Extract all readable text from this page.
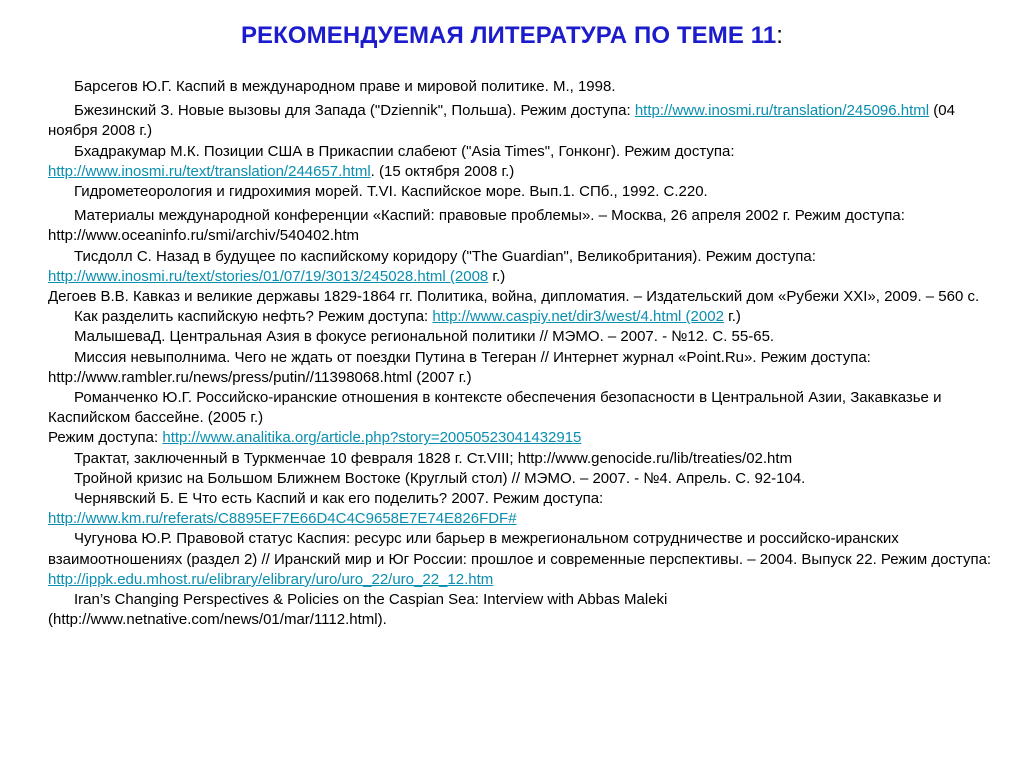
РЕКОМЕНДУЕМАЯ ЛИТЕРАТУРА ПО ТЕМЕ 11:

Барсегов Ю.Г. Каспий в международном праве и мировой политике. М., 1998.

Бжезинский З. Новые вызовы для Запада ("Dziennik", Польша). Режим доступа: http://www.inosmi.ru/translation/245096.html (04 ноября 2008 г.)

Бхадракумар М.К. Позиции США в Прикаспии слабеют ("Asia Times", Гонконг). Режим доступа: http://www.inosmi.ru/text/translation/244657.html. (15 октября 2008 г.)

Гидрометеорология и гидрохимия морей. Т.VI. Каспийское море. Вып.1. СПб., 1992. С.220.

Материалы международной конференции «Каспий: правовые проблемы». – Москва, 26 апреля 2002 г. Режим доступа: http://www.oceaninfo.ru/smi/archiv/540402.htm

Тисдолл С. Назад в будущее по каспийскому коридору ("The Guardian", Великобритания). Режим доступа: http://www.inosmi.ru/text/stories/01/07/19/3013/245028.html (2008 г.)

Дегоев В.В. Кавказ и великие державы 1829-1864 гг. Политика, война, дипломатия. – Издательский дом «Рубежи XXI», 2009. – 560 с.

Как разделить каспийскую нефть? Режим доступа: http://www.caspiy.net/dir3/west/4.html (2002 г.)

МалышеваД. Центральная Азия в фокусе региональной политики // МЭМО. – 2007. - №12. С. 55-65.

Миссия невыполнима. Чего не ждать от поездки Путина в Тегеран // Интернет журнал «Point.Ru». Режим доступа: http://www.rambler.ru/news/press/putin//11398068.html (2007 г.)

Романченко Ю.Г. Российско-иранские отношения в контексте обеспечения безопасности в Центральной Азии, Закавказье и Каспийском бассейне. (2005 г.)

Режим доступа: http://www.analitika.org/article.php?story=20050523041432915

Трактат, заключенный в Туркменчае 10 февраля 1828 г. Ст.VIII; http://www.genocide.ru/lib/treaties/02.htm

Тройной кризис на Большом Ближнем Востоке (Круглый стол) // МЭМО. – 2007. - №4. Апрель. С. 92-104.

Чернявский Б. Е Что есть Каспий и как его поделить? 2007. Режим доступа: http://www.km.ru/referats/C8895EF7E66D4C4C9658E7E74E826FDF#

Чугунова Ю.Р. Правовой статус Каспия: ресурс или барьер в межрегиональном сотрудничестве и российско-иранских взаимоотношениях (раздел 2) // Иранский мир и Юг России: прошлое и современные перспективы. – 2004. Выпуск 22. Режим доступа: http://ippk.edu.mhost.ru/elibrary/elibrary/uro/uro_22/uro_22_12.htm

Iran’s Changing Perspectives & Policies on the Caspian Sea: Interview with Abbas Maleki (http://www.netnative.com/news/01/mar/1112.html).
